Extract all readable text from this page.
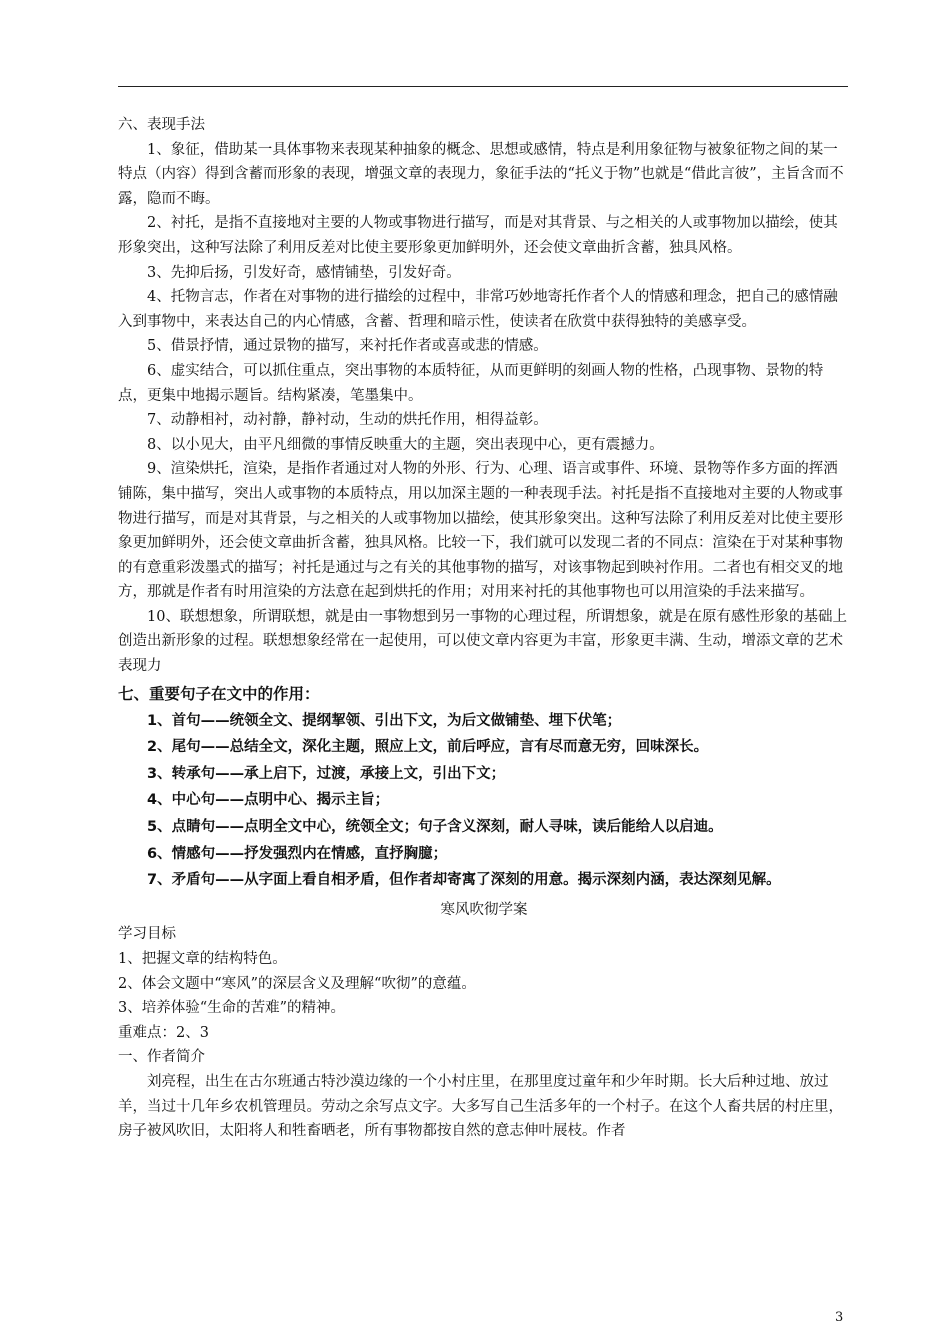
六、表现手法

1、象征，借助某一具体事物来表现某种抽象的概念、思想或感情，特点是利用象征物与被象征物之间的某一特点（内容）得到含蓄而形象的表现，增强文章的表现力，象征手法的“托义于物”也就是“借此言彼”，主旨含而不露，隐而不晦。

2、衬托，是指不直接地对主要的人物或事物进行描写，而是对其背景、与之相关的人或事物加以描绘，使其形象突出，这种写法除了利用反差对比使主要形象更加鲜明外，还会使文章曲折含蓄，独具风格。

3、先抑后扬，引发好奇，感情铺垫，引发好奇。

4、托物言志，作者在对事物的进行描绘的过程中，非常巧妙地寄托作者个人的情感和理念，把自己的感情融入到事物中，来表达自己的内心情感，含蓄、哲理和暗示性，使读者在欣赏中获得独特的美感享受。

5、借景抒情，通过景物的描写，来衬托作者或喜或悲的情感。

6、虚实结合，可以抓住重点，突出事物的本质特征，从而更鲜明的刻画人物的性格，凸现事物、景物的特点，更集中地揭示题旨。结构紧凑，笔墨集中。

7、动静相衬，动衬静，静衬动，生动的烘托作用，相得益彰。

8、以小见大，由平凡细微的事情反映重大的主题，突出表现中心，更有震撼力。

9、渲染烘托，渲染，是指作者通过对人物的外形、行为、心理、语言或事件、环境、景物等作多方面的挥洒铺陈，集中描写，突出人或事物的本质特点，用以加深主题的一种表现手法。衬托是指不直接地对主要的人物或事物进行描写，而是对其背景，与之相关的人或事物加以描绘，使其形象突出。这种写法除了利用反差对比使主要形象更加鲜明外，还会使文章曲折含蓄，独具风格。比较一下，我们就可以发现二者的不同点：渲染在于对某种事物的有意重彩泼墨式的描写；衬托是通过与之有关的其他事物的描写，对该事物起到映衬作用。二者也有相交叉的地方，那就是作者有时用渲染的方法意在起到烘托的作用；对用来衬托的其他事物也可以用渲染的手法来描写。

10、联想想象，所谓联想，就是由一事物想到另一事物的心理过程，所谓想象，就是在原有感性形象的基础上创造出新形象的过程。联想想象经常在一起使用，可以使文章内容更为丰富，形象更丰满、生动，增添文章的艺术表现力

七、重要句子在文中的作用：

1、首句——统领全文、提纲挈领、引出下文，为后文做铺垫、埋下伏笔；

2、尾句——总结全文，深化主题，照应上文，前后呼应，言有尽而意无穷，回味深长。

3、转承句——承上启下，过渡，承接上文，引出下文；

4、中心句——点明中心、揭示主旨；

5、点睛句——点明全文中心，统领全文；句子含义深刻，耐人寻味，读后能给人以启迪。

6、情感句——抒发强烈内在情感，直抒胸臆；

7、矛盾句——从字面上看自相矛盾，但作者却寄寓了深刻的用意。揭示深刻内涵，表达深刻见解。

寒风吹彻学案

学习目标

1、把握文章的结构特色。

2、体会文题中“寒风”的深层含义及理解“吹彻”的意蕴。

3、培养体验“生命的苦难”的精神。

重难点：2、3

一、作者简介

刘亮程，出生在古尔班通古特沙漠边缘的一个小村庄里，在那里度过童年和少年时期。长大后种过地、放过羊，当过十几年乡农机管理员。劳动之余写点文字。大多写自己生活多年的一个村子。在这个人畜共居的村庄里，房子被风吹旧，太阳将人和牲畜晒老，所有事物都按自然的意志伸叶展枝。作者

3
